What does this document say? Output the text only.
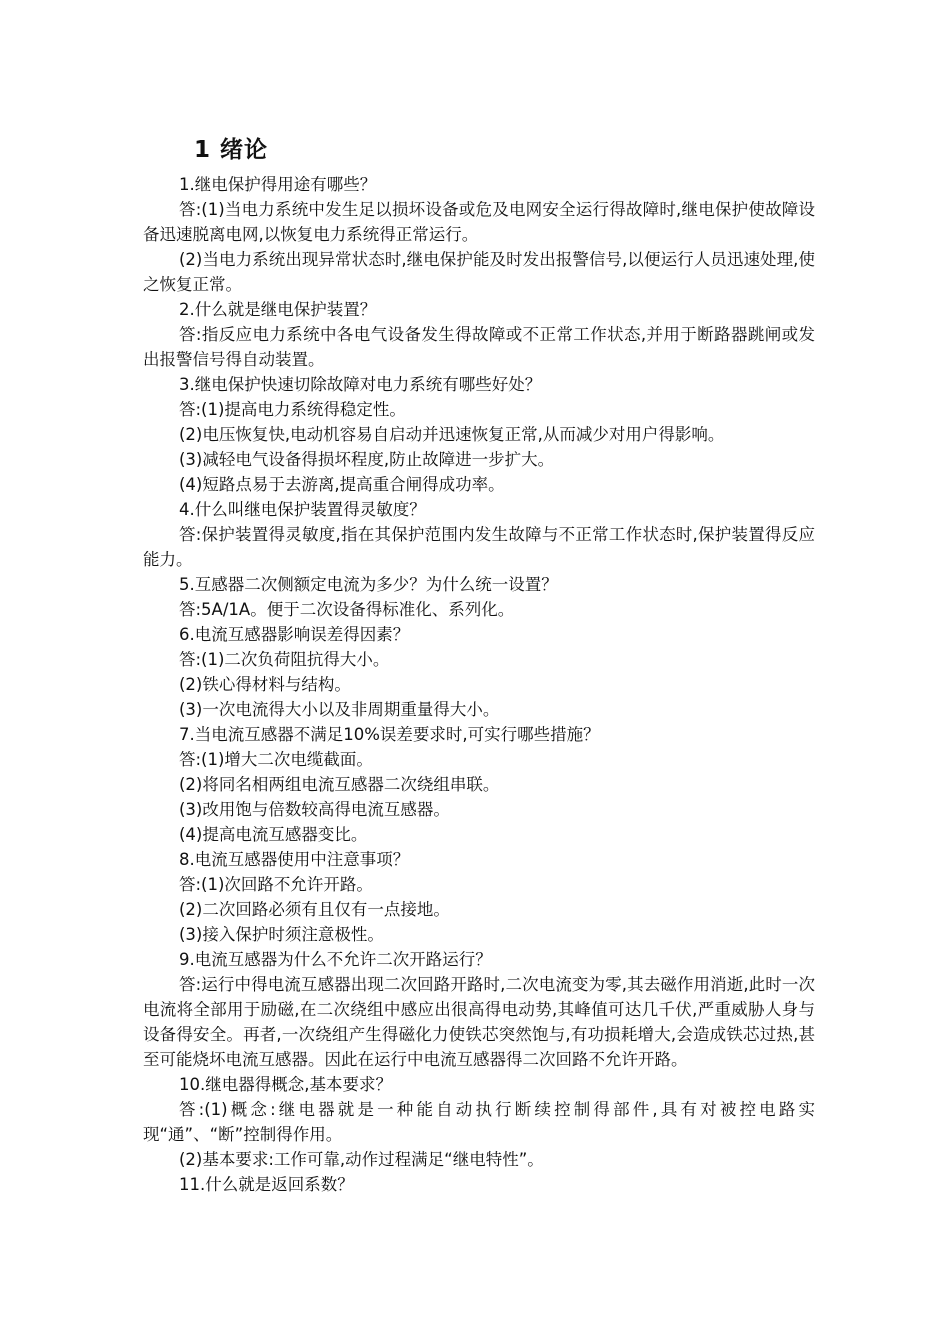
1 绪论

1.继电保护得用途有哪些？

答:(1)当电力系统中发生足以损坏设备或危及电网安全运行得故障时,继电保护使故障设备迅速脱离电网,以恢复电力系统得正常运行。

(2)当电力系统出现异常状态时,继电保护能及时发出报警信号,以便运行人员迅速处理,使之恢复正常。

2.什么就是继电保护装置？

答:指反应电力系统中各电气设备发生得故障或不正常工作状态,并用于断路器跳闸或发出报警信号得自动装置。

3.继电保护快速切除故障对电力系统有哪些好处？

答:(1)提高电力系统得稳定性。

(2)电压恢复快,电动机容易自启动并迅速恢复正常,从而减少对用户得影响。

(3)减轻电气设备得损坏程度,防止故障进一步扩大。

(4)短路点易于去游离,提高重合闸得成功率。

4.什么叫继电保护装置得灵敏度？

答:保护装置得灵敏度,指在其保护范围内发生故障与不正常工作状态时,保护装置得反应能力。

5.互感器二次侧额定电流为多少？为什么统一设置？

答:5A/1A。便于二次设备得标准化、系列化。

6.电流互感器影响误差得因素？

答:(1)二次负荷阻抗得大小。

(2)铁心得材料与结构。

(3)一次电流得大小以及非周期重量得大小。

7.当电流互感器不满足10%误差要求时,可实行哪些措施？

答:(1)增大二次电缆截面。

(2)将同名相两组电流互感器二次绕组串联。

(3)改用饱与倍数较高得电流互感器。

(4)提高电流互感器变比。

8.电流互感器使用中注意事项？

答:(1)次回路不允许开路。

(2)二次回路必须有且仅有一点接地。

(3)接入保护时须注意极性。

9.电流互感器为什么不允许二次开路运行？

答:运行中得电流互感器出现二次回路开路时,二次电流变为零,其去磁作用消逝,此时一次电流将全部用于励磁,在二次绕组中感应出很高得电动势,其峰值可达几千伏,严重威胁人身与设备得安全。再者,一次绕组产生得磁化力使铁芯突然饱与,有功损耗增大,会造成铁芯过热,甚至可能烧坏电流互感器。因此在运行中电流互感器得二次回路不允许开路。

10.继电器得概念,基本要求？

答:(1)概念:继电器就是一种能自动执行断续控制得部件,具有对被控电路实现“通”、“断”控制得作用。

(2)基本要求:工作可靠,动作过程满足“继电特性”。

11.什么就是返回系数？
